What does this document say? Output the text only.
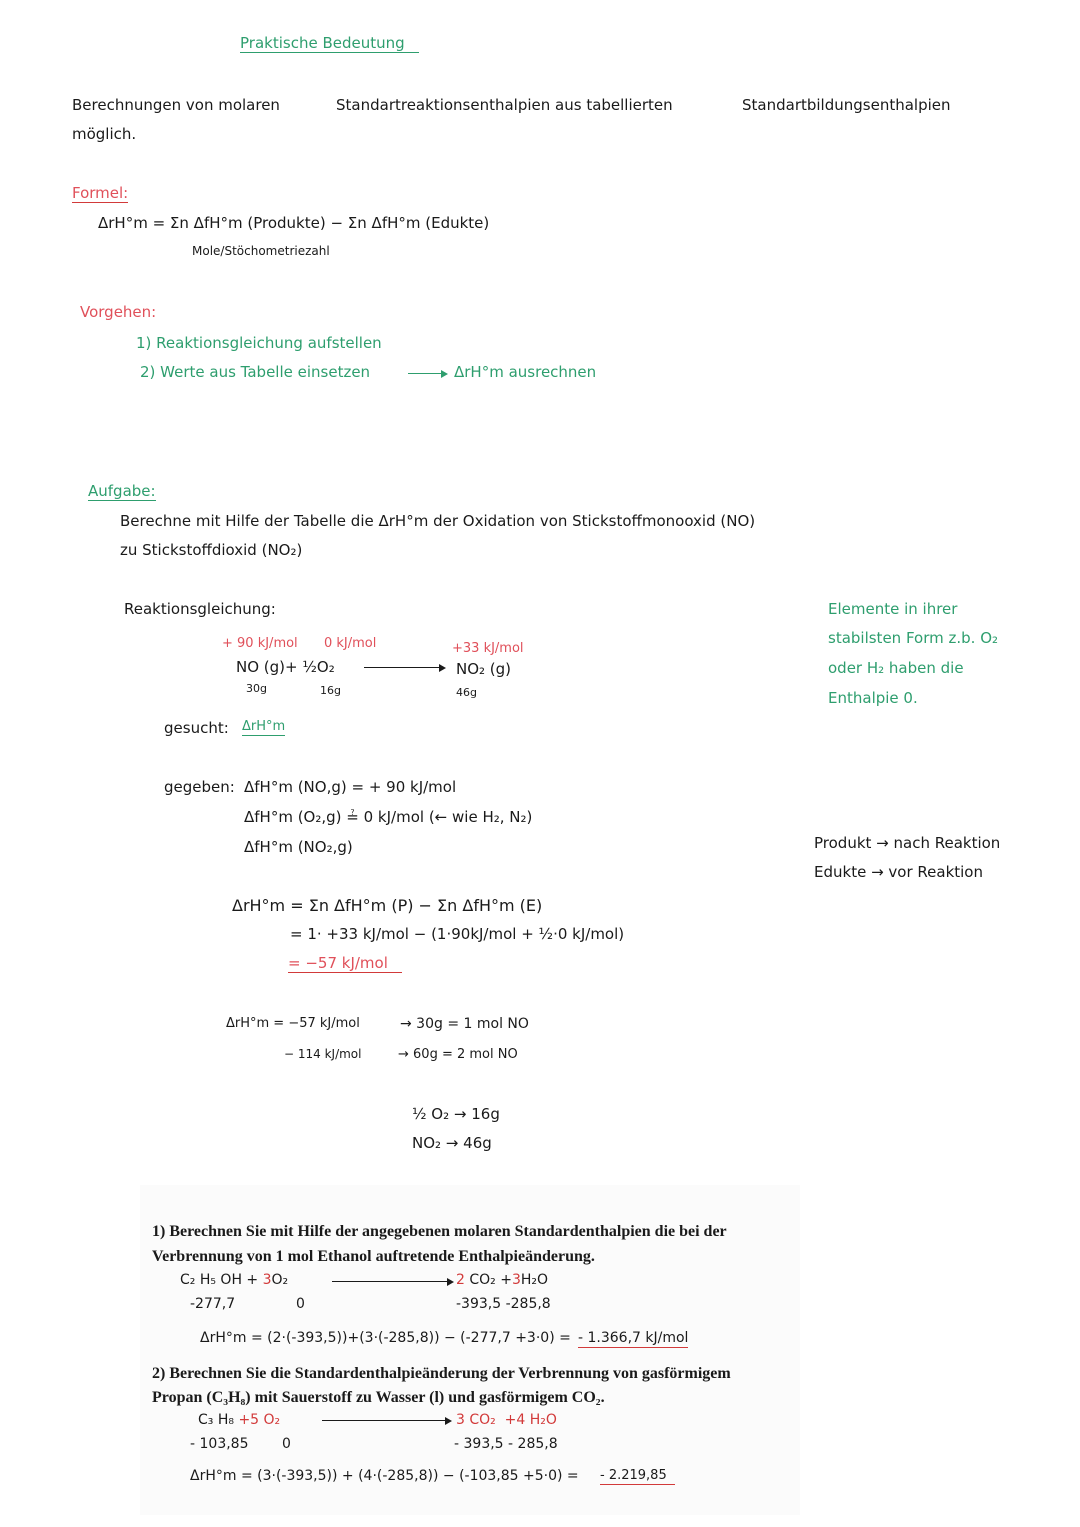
Praktische Bedeutung
Berechnungen von molaren	Standartreaktionsenthalpien aus tabellierten	Standartbildungsenthalpien
möglich.
Formel:
ΔrH°m = Σn ΔfH°m (Produkte) − Σn ΔfH°m (Edukte)
Mole/Stöchometriezahl
Vorgehen:
1) Reaktionsgleichung aufstellen
2) Werte aus Tabelle einsetzen	ΔrH°m ausrechnen
Aufgabe:
Berechne mit Hilfe der Tabelle die ΔrH°m der Oxidation von Stickstoffmonooxid (NO)
zu Stickstoffdioxid (NO₂)
Reaktionsgleichung:
+ 90 kJ/mol 0 kJ/mol	+33 kJ/mol
NO (g)+ ½O₂	NO₂ (g)
30g	16g	46g
Elemente in ihrer
stabilsten Form z.b. O₂
oder H₂ haben die
Enthalpie 0.
gesucht: ΔrH°m
gegeben: ΔfH°m (NO,g) = + 90 kJ/mol
ΔfH°m (O₂,g) ≟ 0 kJ/mol (← wie H₂, N₂)
ΔfH°m (NO₂,g)	Produkt → nach Reaktion
Edukte → vor Reaktion
ΔrH°m = Σn ΔfH°m (P) − Σn ΔfH°m (E)
= 1· +33 kJ/mol − (1·90kJ/mol + ½·0 kJ/mol)
= −57 kJ/mol
ΔrH°m = −57 kJ/mol
− 114 kJ/mol
→ 30g = 1 mol NO
→ 60g = 2 mol NO
½ O₂ → 16g
NO₂ → 46g
1) Berechnen Sie mit Hilfe der angegebenen molaren Standardenthalpien die bei der
Verbrennung von 1 mol Ethanol auftretende Enthalpieänderung.
C₂ H₅ OH + 3O₂	2 CO₂ +3H₂O
-277,7	0	-393,5 -285,8
ΔrH°m = (2·(-393,5))+(3·(-285,8)) − (-277,7 +3·0) = - 1.366,7 kJ/mol
2) Berechnen Sie die Standardenthalpieänderung der Verbrennung von gasförmigem
Propan (C₃H₈) mit Sauerstoff zu Wasser (l) und gasförmigem CO₂.
C₃ H₈ +5 O₂	3 CO₂ +4 H₂O
- 103,85 0	- 393,5 - 285,8
ΔrH°m = (3·(-393,5)) + (4·(-285,8)) − (-103,85 +5·0) = - 2.219,85
